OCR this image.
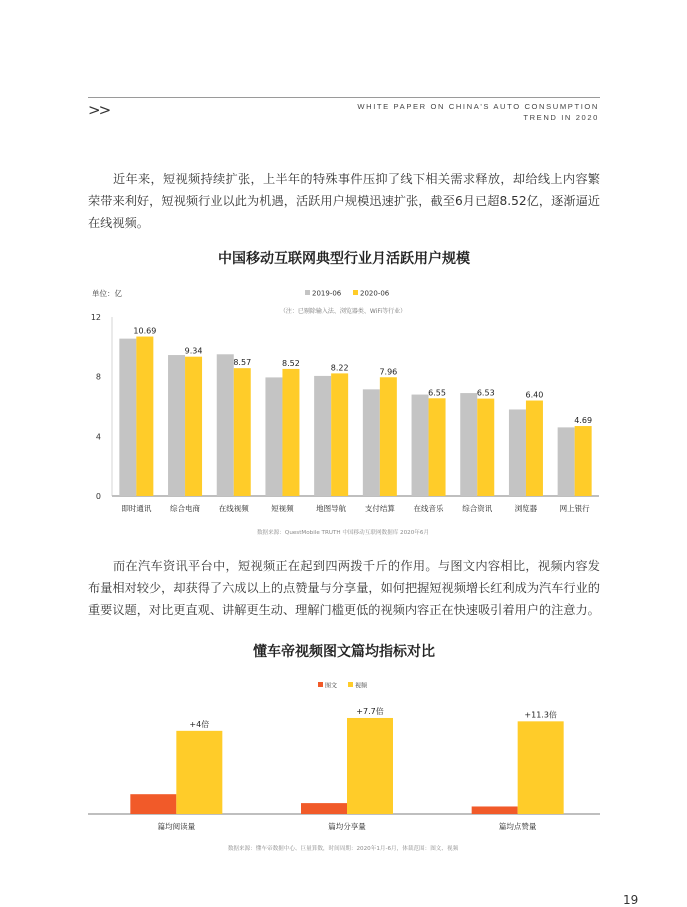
>>	WHITE PAPER ON CHINA'S AUTO CONSUMPTION
TREND IN 2020
近年来，短视频持续扩张，上半年的特殊事件压抑了线下相关需求释放，却给线上内容繁荣带来利好，短视频行业以此为机遇，活跃用户规模迅速扩张，截至6月已超8.52亿，逐渐逼近在线视频。
中国移动互联网典型行业月活跃用户规模
单位：亿	2019-06	2020-06
（注：已剔除输入法、浏览器类、WiFi等行业）
10.69
9.34
8.57	8.52	8.22	7.96
6.55	6.53	6.40
4.69
即时通讯 综合电商 在线视频	短视频	地图导航 支付结算 在线音乐 综合资讯	浏览器	网上银行
0
4
8
12
数据来源：QuestMobile TRUTH 中国移动互联网数据库 2020年6月
而在汽车资讯平台中，短视频正在起到四两拨千斤的作用。与图文内容相比，视频内容发布量相对较少，却获得了六成以上的点赞量与分享量，如何把握短视频增长红利成为汽车行业的重要议题，对比更直观、讲解更生动、理解门槛更低的视频内容正在快速吸引着用户的注意力。
懂车帝视频图文篇均指标对比
图文	视频
+4倍
+7.7倍	+11.3倍
篇均阅读量	篇均分享量	篇均点赞量
数据来源：懂车帝数据中心、巨量算数，时间周期：2020年1月-6月，体裁范围：图文、视频
19
